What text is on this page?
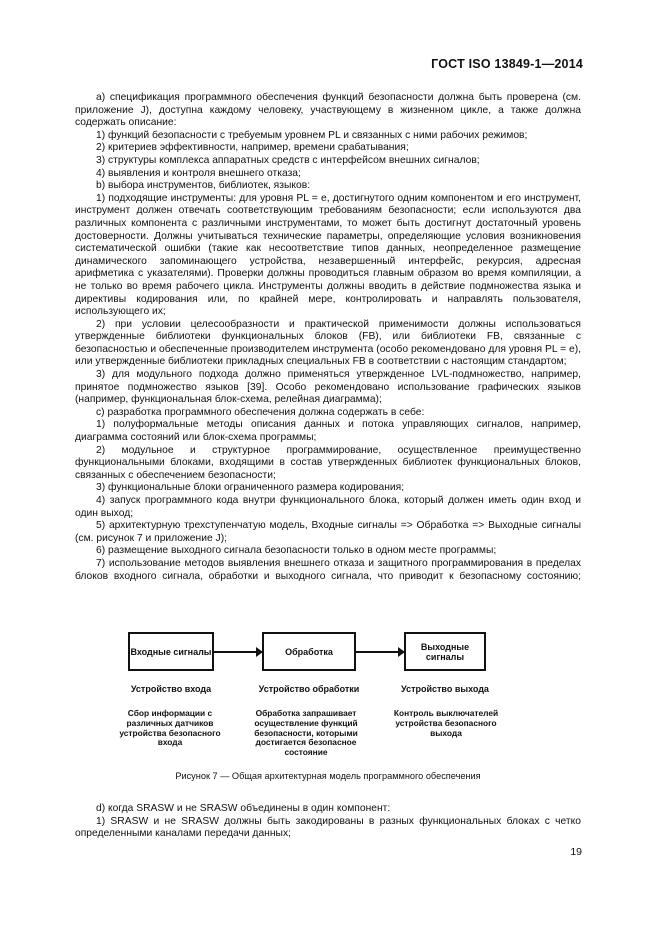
ГОСТ ISO 13849-1—2014

а) спецификация программного обеспечения функций безопасности должна быть проверена (см. приложение J), доступна каждому человеку, участвующему в жизненном цикле, а также должна содержать описание:

1) функций безопасности с требуемым уровнем PL и связанных с ними рабочих режимов;

2) критериев эффективности, например, времени срабатывания;

3) структуры комплекса аппаратных средств с интерфейсом внешних сигналов;

4) выявления и контроля внешнего отказа;

b) выбора инструментов, библиотек, языков:

1) подходящие инструменты: для уровня PL = e, достигнутого одним компонентом и его инструмент, инструмент должен отвечать соответствующим требованиям безопасности; если используются два различных компонента с различными инструментами, то может быть достигнут достаточный уровень достоверности. Должны учитываться технические параметры, определяющие условия возникновения систематической ошибки (такие как несоответствие типов данных, неопределенное размещение динамического запоминающего устройства, незавершенный интерфейс, рекурсия, адресная арифметика с указателями). Проверки должны проводиться главным образом во время компиляции, а не только во время рабочего цикла. Инструменты должны вводить в действие подмножества языка и директивы кодирования или, по крайней мере, контролировать и направлять пользователя, использующего их;

2) при условии целесообразности и практической применимости должны использоваться утвержденные библиотеки функциональных блоков (FB), или библиотеки FB, связанные с безопасностью и обеспеченные производителем инструмента (особо рекомендовано для уровня PL = e), или утвержденные библиотеки прикладных специальных FB в соответствии с настоящим стандартом;

3) для модульного подхода должно применяться утвержденное LVL-подмножество, например, принятое подмножество языков [39]. Особо рекомендовано использование графических языков (например, функциональная блок-схема, релейная диаграмма);

с) разработка программного обеспечения должна содержать в себе:

1) полуформальные методы описания данных и потока управляющих сигналов, например, диаграмма состояний или блок-схема программы;

2) модульное и структурное программирование, осуществленное преимущественно функциональными блоками, входящими в состав утвержденных библиотек функциональных блоков, связанных с обеспечением безопасности;

3) функциональные блоки ограниченного размера кодирования;

4) запуск программного кода внутри функционального блока, который должен иметь один вход и один выход;

5) архитектурную трехступенчатую модель, Входные сигналы => Обработка => Выходные сигналы (см. рисунок 7 и приложение J);

6) размещение выходного сигнала безопасности только в одном месте программы;

7) использование методов выявления внешнего отказа и защитного программирования в пределах блоков входного сигнала, обработки и выходного сигнала, что приводит к безопасному состоянию;

Входные сигналы	Обработка	Выходные сигналы
Устройство входа	Устройство обработки	Устройство выхода
Сбор информации с различных датчиков устройства безопасного входа
Обработка запрашивает осуществление функций безопасности, которыми достигается безопасное состояние
Контроль выключателей устройства безопасного выхода
Рисунок 7 — Общая архитектурная модель программного обеспечения

d) когда SRASW и не SRASW объединены в один компонент:

1) SRASW и не SRASW должны быть закодированы в разных функциональных блоках с четко определенными каналами передачи данных;

19
